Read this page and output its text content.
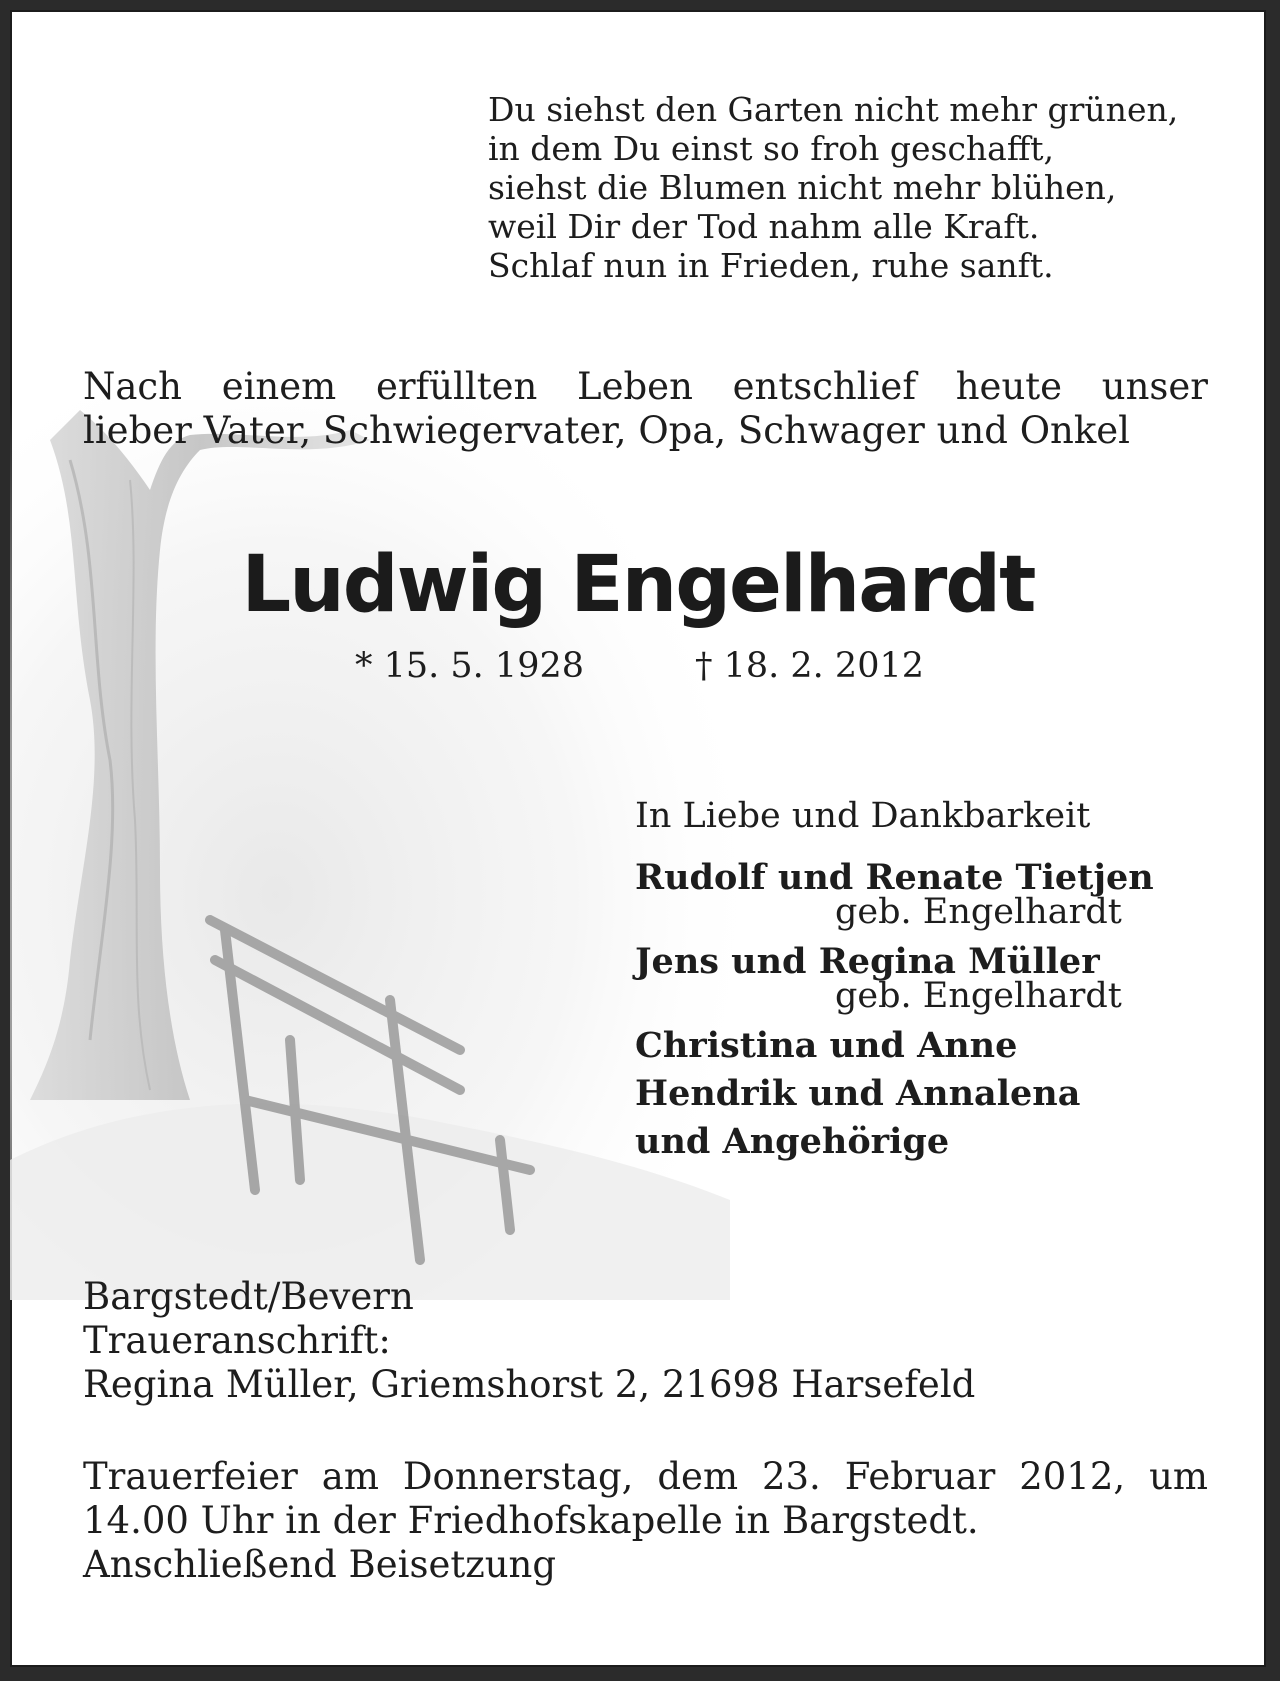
Du siehst den Garten nicht mehr grünen,
in dem Du einst so froh geschafft,
siehst die Blumen nicht mehr blühen,
weil Dir der Tod nahm alle Kraft.
Schlaf nun in Frieden, ruhe sanft.
Nach einem erfüllten Leben entschlief heute unser
lieber Vater, Schwiegervater, Opa, Schwager und Onkel
Ludwig Engelhardt
* 15. 5. 1928	† 18. 2. 2012
In Liebe und Dankbarkeit
Rudolf und Renate Tietjen
geb. Engelhardt
Jens und Regina Müller
geb. Engelhardt
Christina und Anne
Hendrik und Annalena
und Angehörige
Bargstedt/Bevern
Traueranschrift:
Regina Müller, Griemshorst 2, 21698 Harsefeld
Trauerfeier am Donnerstag, dem 23. Februar 2012, um
14.00 Uhr in der Friedhofskapelle in Bargstedt.
Anschließend Beisetzung
